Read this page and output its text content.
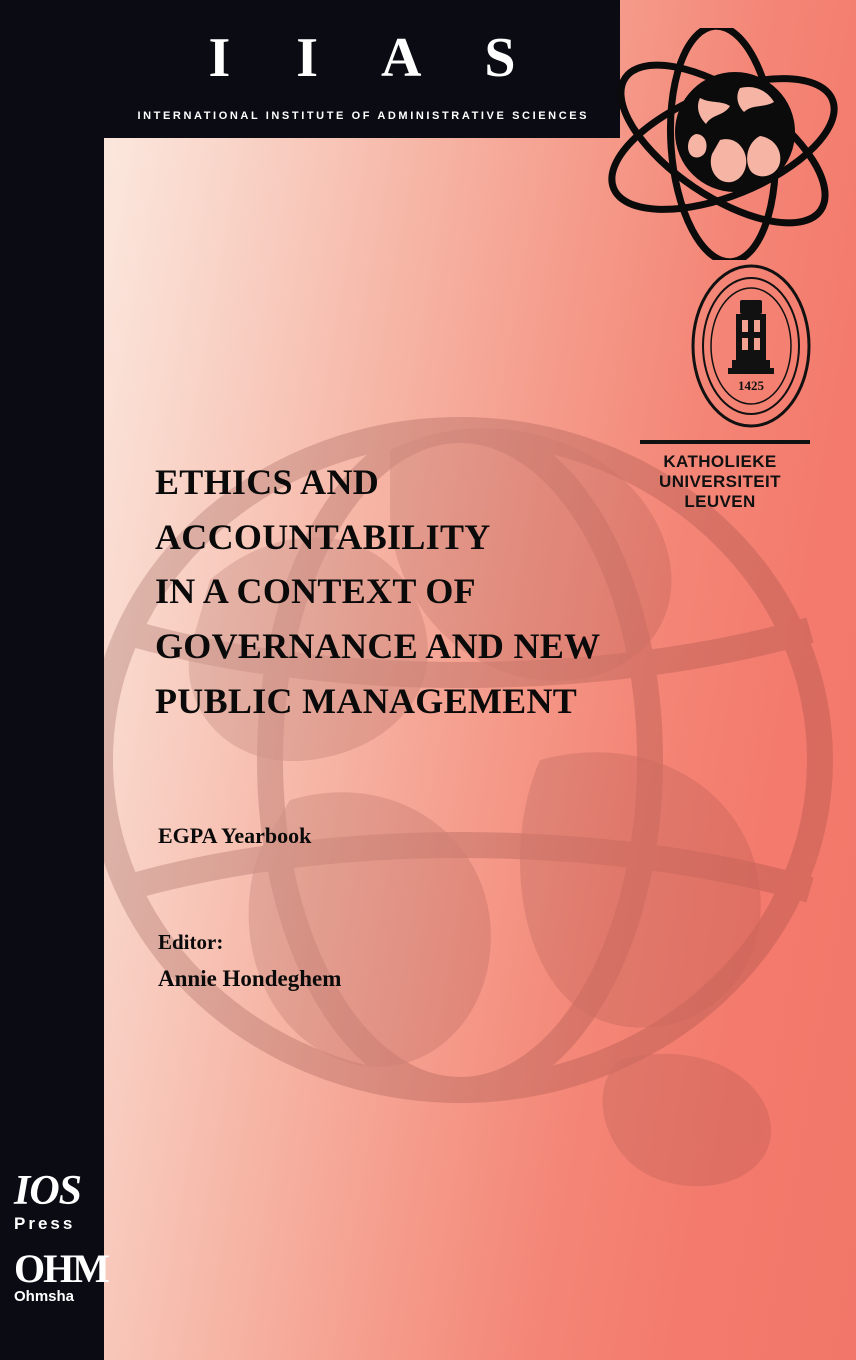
I I A S
INTERNATIONAL INSTITUTE OF ADMINISTRATIVE SCIENCES
1425
KATHOLIEKE
UNIVERSITEIT
LEUVEN
ETHICS AND
ACCOUNTABILITY
IN A CONTEXT OF
GOVERNANCE AND NEW
PUBLIC MANAGEMENT
EGPA Yearbook
Editor:
Annie Hondeghem
IOS
Press
OHM
Ohmsha
